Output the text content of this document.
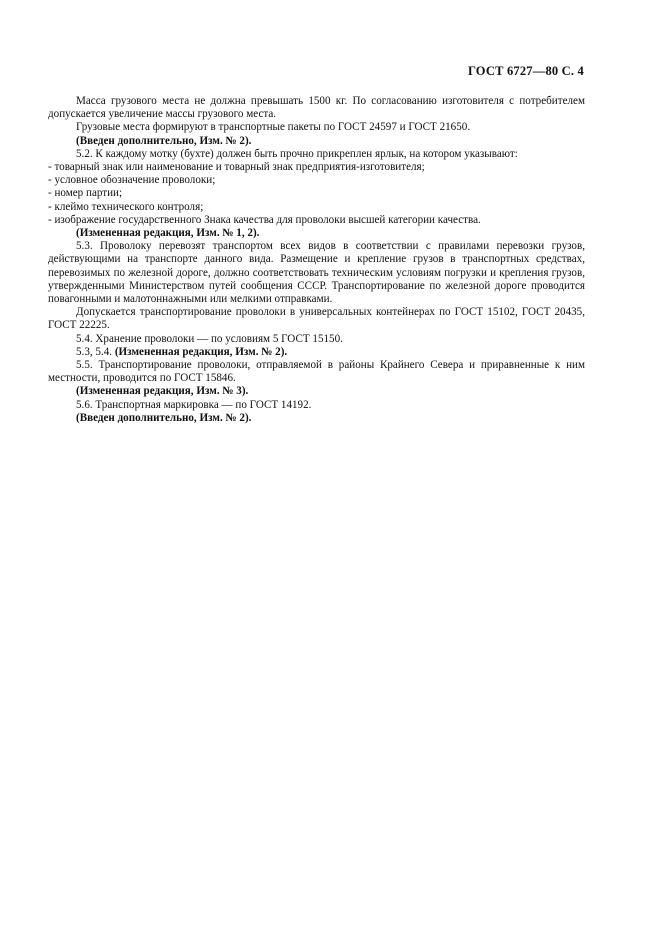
ГОСТ 6727—80 С. 4

Масса грузового места не должна превышать 1500 кг. По согласованию изготовителя с потребителем допускается увеличение массы грузового места.

Грузовые места формируют в транспортные пакеты по ГОСТ 24597 и ГОСТ 21650.

(Введен дополнительно, Изм. № 2).

5.2. К каждому мотку (бухте) должен быть прочно прикреплен ярлык, на котором указывают:

- товарный знак или наименование и товарный знак предприятия-изготовителя;

- условное обозначение проволоки;

- номер партии;

- клеймо технического контроля;

- изображение государственного Знака качества для проволоки высшей категории качества.

(Измененная редакция, Изм. № 1, 2).

5.3. Проволоку перевозят транспортом всех видов в соответствии с правилами перевозки грузов, действующими на транспорте данного вида. Размещение и крепление грузов в транспортных средствах, перевозимых по железной дороге, должно соответствовать техническим условиям погрузки и крепления грузов, утвержденными Министерством путей сообщения СССР. Транспортирование по железной дороге проводится повагонными и малотоннажными или мелкими отправками.

Допускается транспортирование проволоки в универсальных контейнерах по ГОСТ 15102, ГОСТ 20435, ГОСТ 22225.

5.4. Хранение проволоки — по условиям 5 ГОСТ 15150.

5.3, 5.4. (Измененная редакция, Изм. № 2).

5.5. Транспортирование проволоки, отправляемой в районы Крайнего Севера и приравненные к ним местности, проводится по ГОСТ 15846.

(Измененная редакция, Изм. № 3).

5.6. Транспортная маркировка — по ГОСТ 14192.

(Введен дополнительно, Изм. № 2).
